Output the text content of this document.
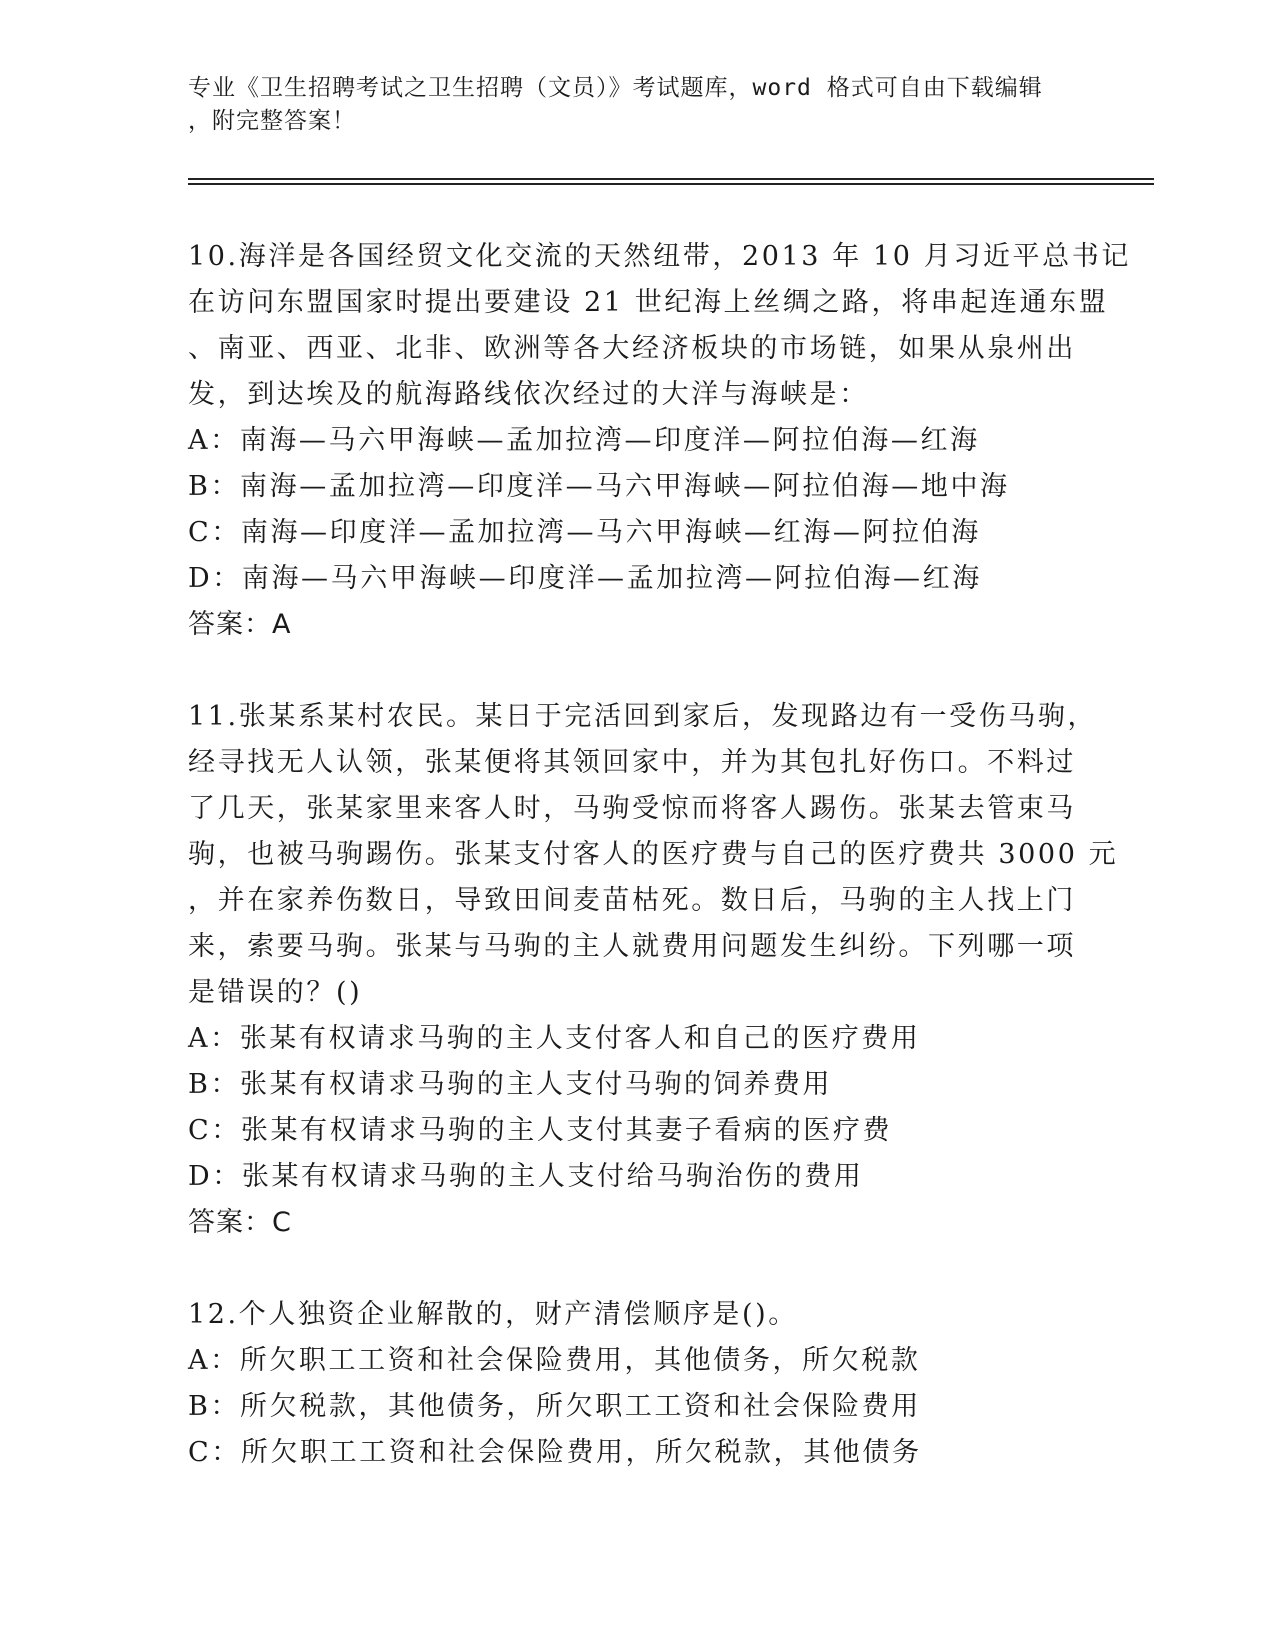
专业《卫生招聘考试之卫生招聘（文员）》考试题库，word 格式可自由下载编辑
，附完整答案！
10.海洋是各国经贸文化交流的天然纽带，2013 年 10 月习近平总书记
在访问东盟国家时提出要建设 21 世纪海上丝绸之路，将串起连通东盟
、南亚、西亚、北非、欧洲等各大经济板块的市场链，如果从泉州出
发，到达埃及的航海路线依次经过的大洋与海峡是：
A：南海—马六甲海峡—孟加拉湾—印度洋—阿拉伯海—红海
B：南海—孟加拉湾—印度洋—马六甲海峡—阿拉伯海—地中海
C：南海—印度洋—孟加拉湾—马六甲海峡—红海—阿拉伯海
D：南海—马六甲海峡—印度洋—孟加拉湾—阿拉伯海—红海
答案：A
11.张某系某村农民。某日于完活回到家后，发现路边有一受伤马驹，
经寻找无人认领，张某便将其领回家中，并为其包扎好伤口。不料过
了几天，张某家里来客人时，马驹受惊而将客人踢伤。张某去管束马
驹，也被马驹踢伤。张某支付客人的医疗费与自己的医疗费共 3000 元
，并在家养伤数日，导致田间麦苗枯死。数日后，马驹的主人找上门
来，索要马驹。张某与马驹的主人就费用问题发生纠纷。下列哪一项
是错误的？()
A：张某有权请求马驹的主人支付客人和自己的医疗费用
B：张某有权请求马驹的主人支付马驹的饲养费用
C：张某有权请求马驹的主人支付其妻子看病的医疗费
D：张某有权请求马驹的主人支付给马驹治伤的费用
答案：C
12.个人独资企业解散的，财产清偿顺序是()。
A：所欠职工工资和社会保险费用，其他债务，所欠税款
B：所欠税款，其他债务，所欠职工工资和社会保险费用
C：所欠职工工资和社会保险费用，所欠税款，其他债务
